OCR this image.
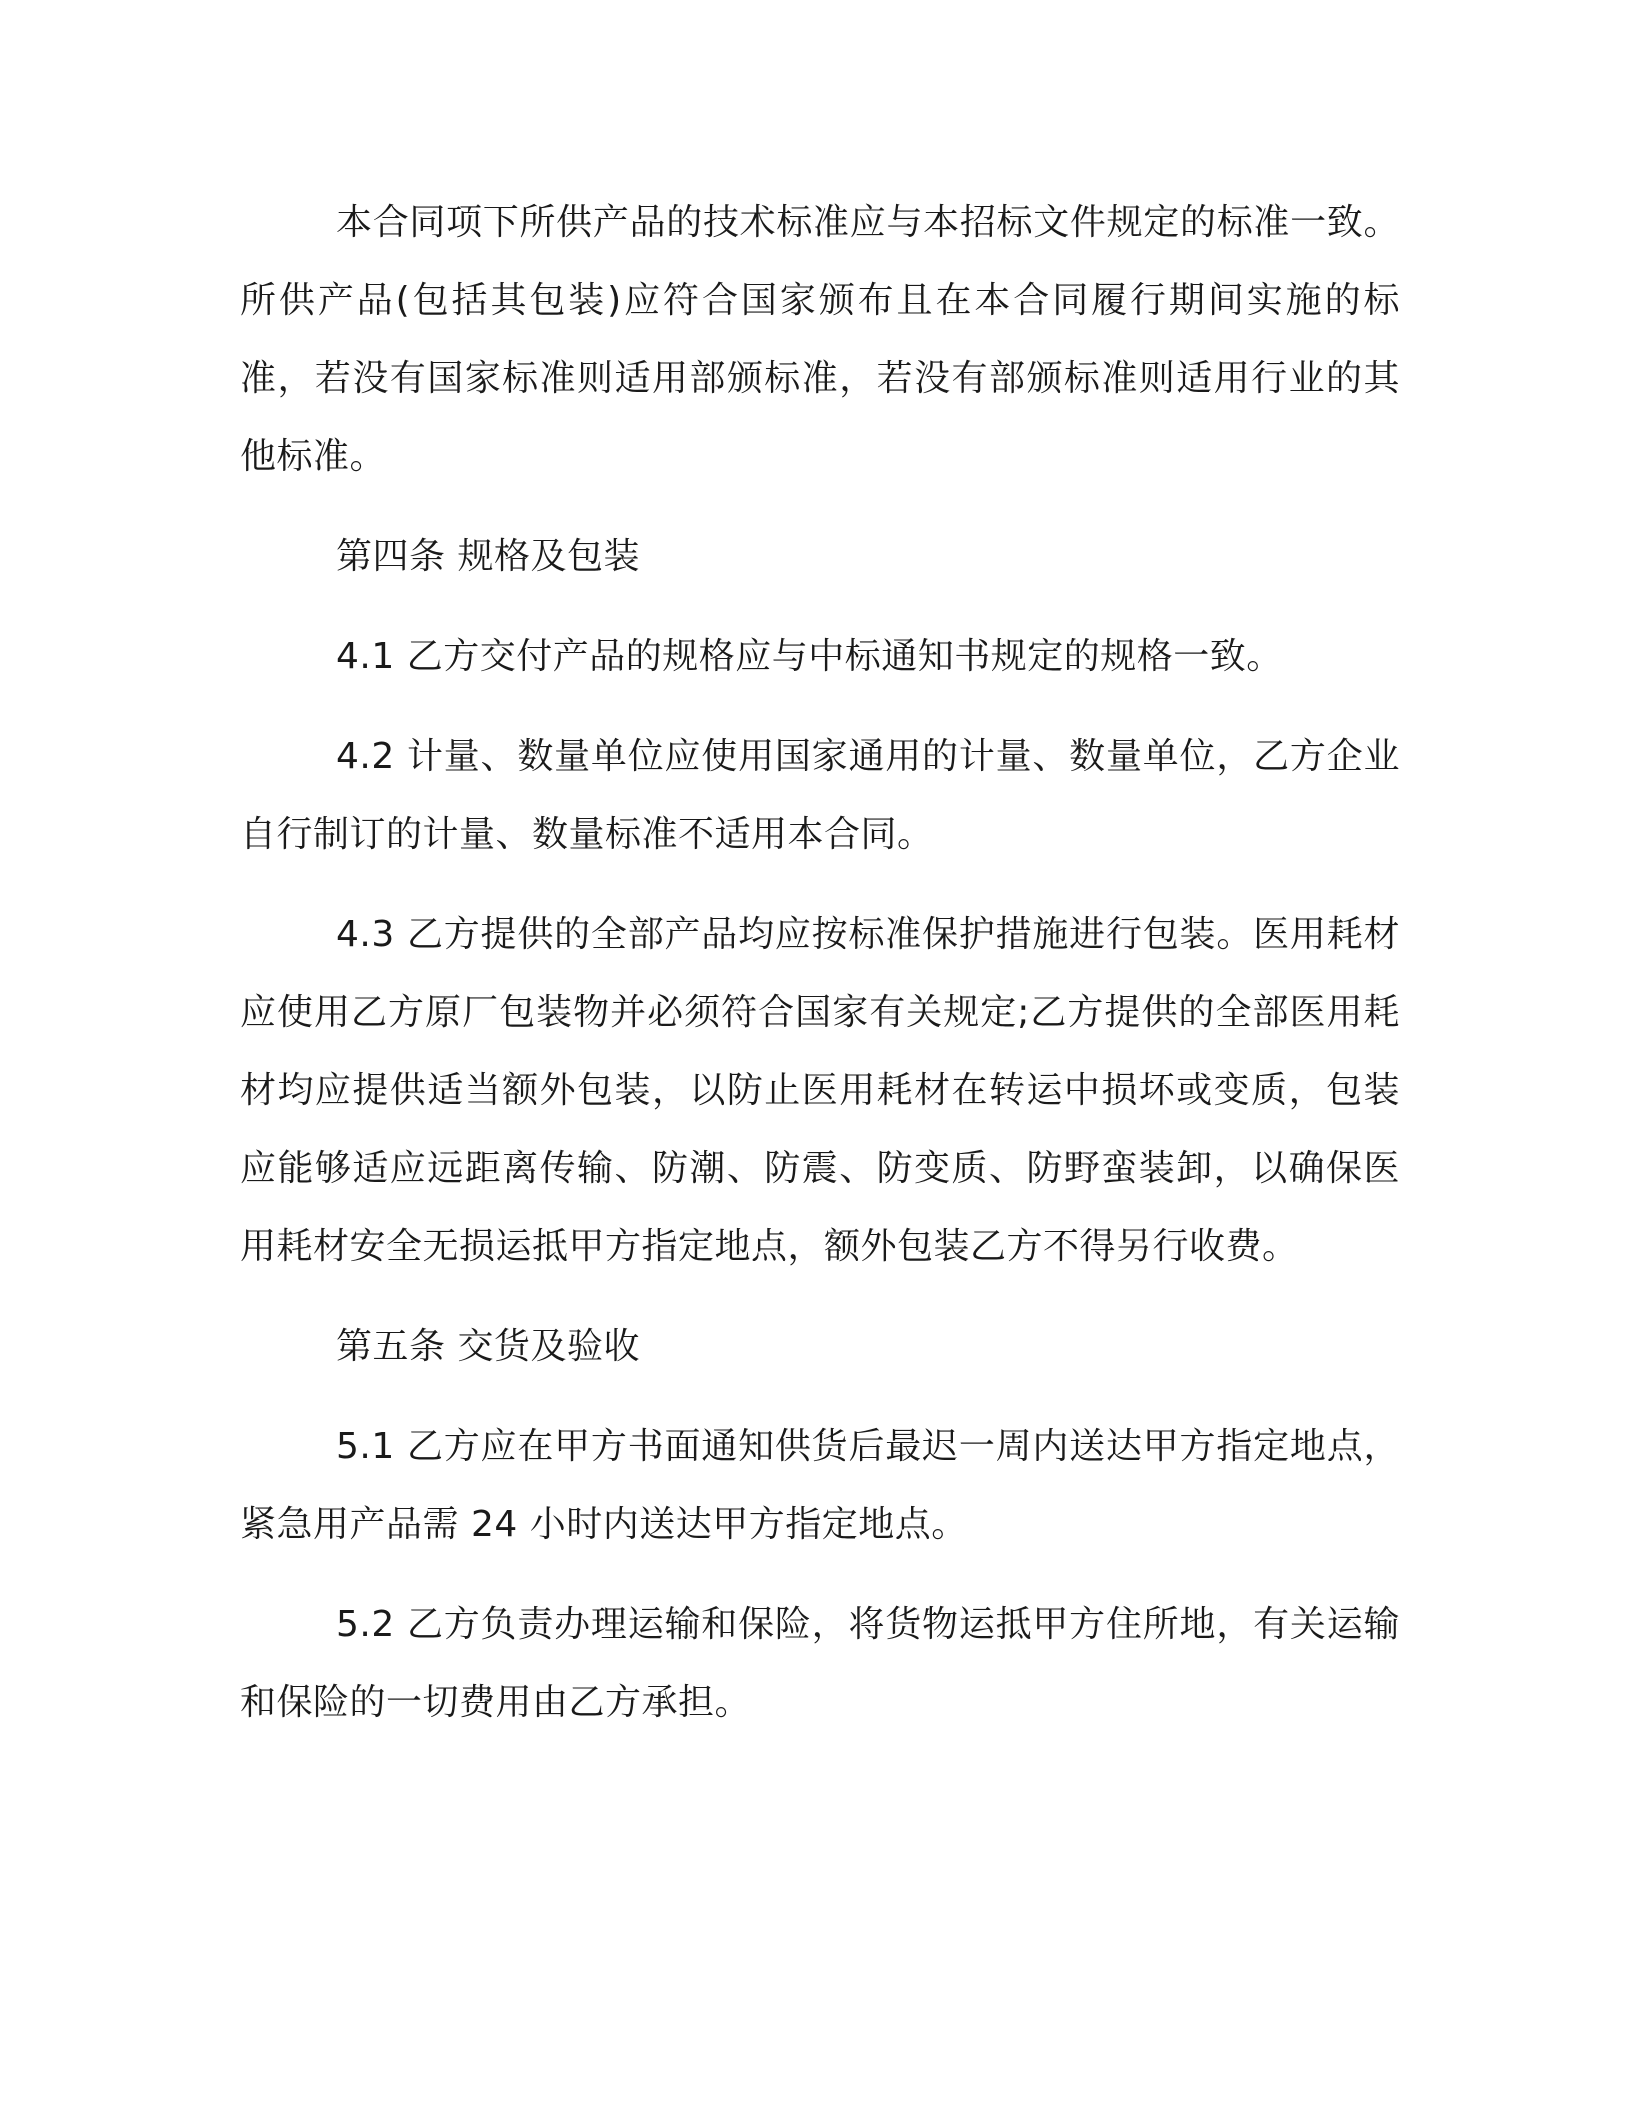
本合同项下所供产品的技术标准应与本招标文件规定的标准一致。所供产品(包括其包装)应符合国家颁布且在本合同履行期间实施的标准，若没有国家标准则适用部颁标准，若没有部颁标准则适用行业的其他标准。

第四条 规格及包装

4.1 乙方交付产品的规格应与中标通知书规定的规格一致。

4.2 计量、数量单位应使用国家通用的计量、数量单位，乙方企业自行制订的计量、数量标准不适用本合同。

4.3 乙方提供的全部产品均应按标准保护措施进行包装。医用耗材应使用乙方原厂包装物并必须符合国家有关规定;乙方提供的全部医用耗材均应提供适当额外包装，以防止医用耗材在转运中损坏或变质，包装应能够适应远距离传输、防潮、防震、防变质、防野蛮装卸，以确保医用耗材安全无损运抵甲方指定地点，额外包装乙方不得另行收费。

第五条 交货及验收

5.1 乙方应在甲方书面通知供货后最迟一周内送达甲方指定地点，紧急用产品需 24 小时内送达甲方指定地点。

5.2 乙方负责办理运输和保险，将货物运抵甲方住所地，有关运输和保险的一切费用由乙方承担。
